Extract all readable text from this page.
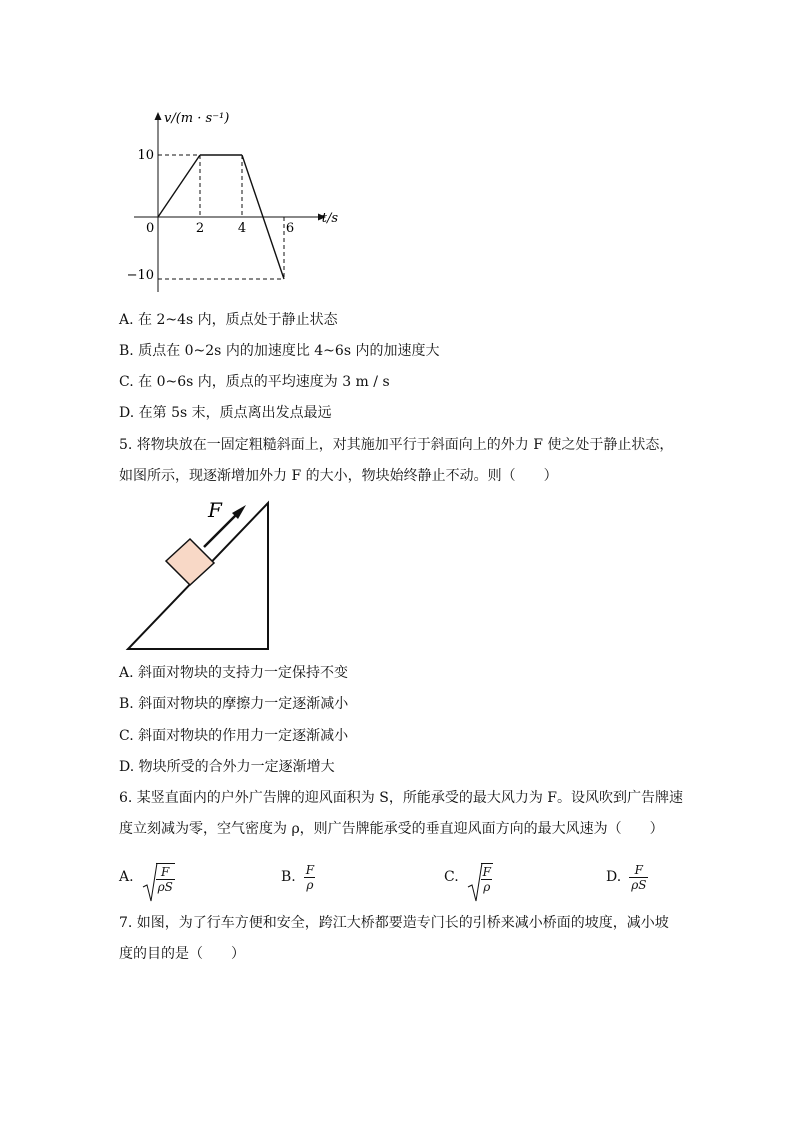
v/(m · s⁻¹)
t/s
0	2	4	6
10
−10
A. 在 2~4s 内，质点处于静止状态
B. 质点在 0~2s 内的加速度比 4~6s 内的加速度大
C. 在 0~6s 内，质点的平均速度为 3 m / s
D. 在第 5s 末，质点离出发点最远
5. 将物块放在一固定粗糙斜面上，对其施加平行于斜面向上的外力 F 使之处于静止状态，
如图所示，现逐渐增加外力 F 的大小，物块始终静止不动。则（　　）
F
A. 斜面对物块的支持力一定保持不变
B. 斜面对物块的摩擦力一定逐渐减小
C. 斜面对物块的作用力一定逐渐减小
D. 物块所受的合外力一定逐渐增大
6. 某竖直面内的户外广告牌的迎风面积为 S，所能承受的最大风力为 F。设风吹到广告牌速
度立刻减为零，空气密度为 ρ，则广告牌能承受的垂直迎风面方向的最大风速为（　　）
A. $\frac{F}{\rho S}$	B. $\frac{F}{\rho}$	C. $\frac{F}{\rho}$	D. $\frac{F}{\rho S}$
7. 如图，为了行车方便和安全，跨江大桥都要造专门长的引桥来减小桥面的坡度，减小坡
度的目的是（　　）
